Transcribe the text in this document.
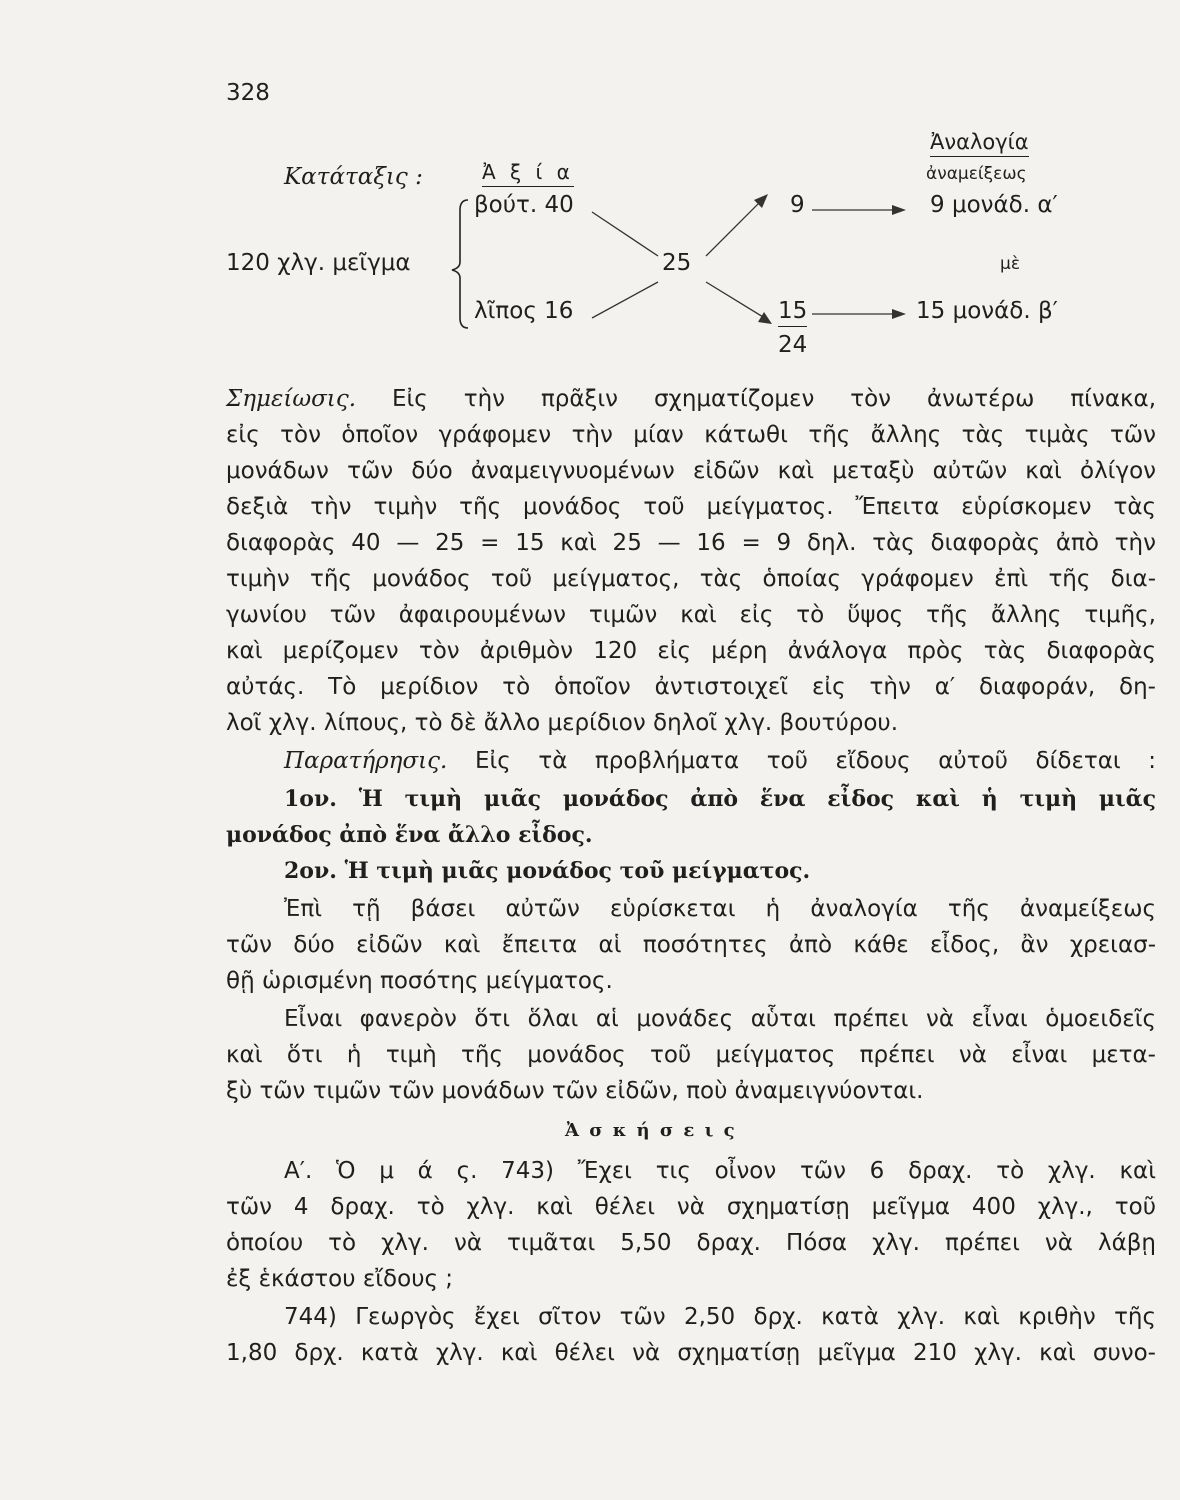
328
Κατάταξις :	Ἀ ξ ί α
Ἀναλογία
ἀναμείξεως
120 χλγ. μεῖγμα
βούτ. 40
λῖπος 16
25
9
15
24
9 μονάδ. α′
μὲ
15 μονάδ. β′
Σημείωσις. Εἰς τὴν πρᾶξιν σχηματίζομεν τὸν ἀνωτέρω πίνακα,
εἰς τὸν ὁποῖον γράφομεν τὴν μίαν κάτωθι τῆς ἄλλης τὰς τιμὰς τῶν
μονάδων τῶν δύο ἀναμειγνυομένων εἰδῶν καὶ μεταξὺ αὐτῶν καὶ ὀλίγον
δεξιὰ τὴν τιμὴν τῆς μονάδος τοῦ μείγματος. Ἔπειτα εὑρίσκομεν τὰς
διαφορὰς 40 — 25 = 15 καὶ 25 — 16 = 9 δηλ. τὰς διαφορὰς ἀπὸ τὴν
τιμὴν τῆς μονάδος τοῦ μείγματος, τὰς ὁποίας γράφομεν ἐπὶ τῆς δια-
γωνίου τῶν ἀφαιρουμένων τιμῶν καὶ εἰς τὸ ὕψος τῆς ἄλλης τιμῆς,
καὶ μερίζομεν τὸν ἀριθμὸν 120 εἰς μέρη ἀνάλογα πρὸς τὰς διαφορὰς
αὐτάς. Τὸ μερίδιον τὸ ὁποῖον ἀντιστοιχεῖ εἰς τὴν α′ διαφοράν, δη-
λοῖ χλγ. λίπους, τὸ δὲ ἄλλο μερίδιον δηλοῖ χλγ. βουτύρου.
Παρατήρησις. Εἰς τὰ προβλήματα τοῦ εἴδους αὐτοῦ δίδεται :
1ον. Ἡ τιμὴ μιᾶς μονάδος ἀπὸ ἕνα εἶδος καὶ ἡ τιμὴ μιᾶς
μονάδος ἀπὸ ἕνα ἄλλο εἶδος.
2ον. Ἡ τιμὴ μιᾶς μονάδος τοῦ μείγματος.
Ἐπὶ τῇ βάσει αὐτῶν εὑρίσκεται ἡ ἀναλογία τῆς ἀναμείξεως
τῶν δύο εἰδῶν καὶ ἔπειτα αἱ ποσότητες ἀπὸ κάθε εἶδος, ἂν χρειασ-
θῇ ὡρισμένη ποσότης μείγματος.
Εἶναι φανερὸν ὅτι ὅλαι αἱ μονάδες αὗται πρέπει νὰ εἶναι ὁμοειδεῖς
καὶ ὅτι ἡ τιμὴ τῆς μονάδος τοῦ μείγματος πρέπει νὰ εἶναι μετα-
ξὺ τῶν τιμῶν τῶν μονάδων τῶν εἰδῶν, ποὺ ἀναμειγνύονται.
Ἀ σ κ ή σ ε ι ς
Α′. Ὁ μ ά ς. 743) Ἔχει τις οἶνον τῶν 6 δραχ. τὸ χλγ. καὶ
τῶν 4 δραχ. τὸ χλγ. καὶ θέλει νὰ σχηματίσῃ μεῖγμα 400 χλγ., τοῦ
ὁποίου τὸ χλγ. νὰ τιμᾶται 5,50 δραχ. Πόσα χλγ. πρέπει νὰ λάβῃ
ἐξ ἑκάστου εἴδους ;
744) Γεωργὸς ἔχει σῖτον τῶν 2,50 δρχ. κατὰ χλγ. καὶ κριθὴν τῆς
1,80 δρχ. κατὰ χλγ. καὶ θέλει νὰ σχηματίσῃ μεῖγμα 210 χλγ. καὶ συνο-
